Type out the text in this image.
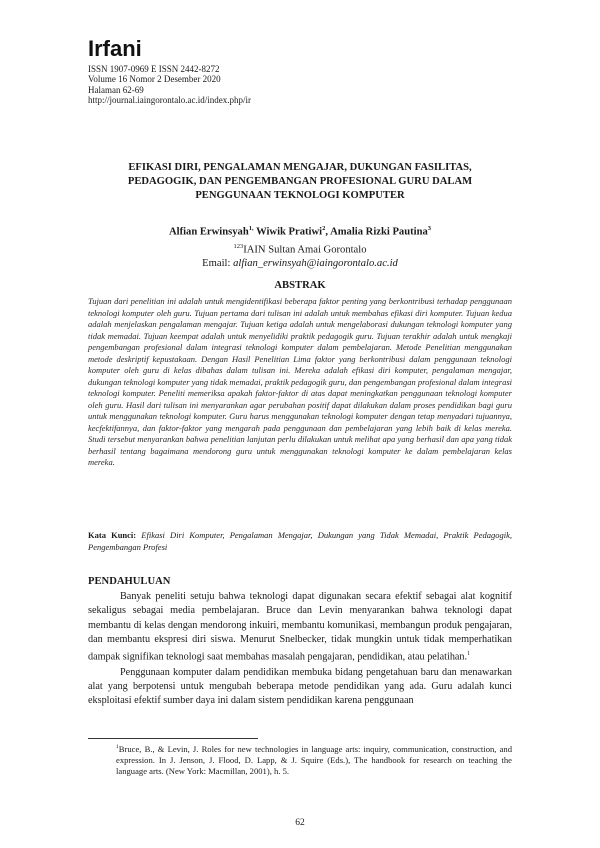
Irfani
ISSN 1907-0969 E ISSN 2442-8272
Volume 16 Nomor 2 Desember 2020
Halaman 62-69
http://journal.iaingorontalo.ac.id/index.php/ir
EFIKASI DIRI, PENGALAMAN MENGAJAR, DUKUNGAN FASILITAS,
PEDAGOGIK, DAN PENGEMBANGAN PROFESIONAL GURU DALAM
PENGGUNAAN TEKNOLOGI KOMPUTER
Alfian Erwinsyah$^{1,}$ Wiwik Pratiwi$^2$, Amalia Rizki Pautina$^3$
$^{123}$IAIN Sultan Amai Gorontalo
Email: alfian_erwinsyah@iaingorontalo.ac.id
ABSTRAK
Tujuan dari penelitian ini adalah untuk mengidentifikasi beberapa faktor penting yang berkontribusi terhadap penggunaan teknologi komputer oleh guru. Tujuan pertama dari tulisan ini adalah untuk membahas efikasi diri komputer. Tujuan kedua adalah menjelaskan pengalaman mengajar. Tujuan ketiga adalah untuk mengelaborasi dukungan teknologi komputer yang tidak memadai. Tujuan keempat adalah untuk menyelidiki praktik pedagogik guru. Tujuan terakhir adalah untuk mengkaji pengembangan profesional dalam integrasi teknologi komputer dalam pembelajaran. Metode Penelitian menggunakan metode deskriptif kepustakaan. Dengan Hasil Penelitian Lima faktor yang berkontribusi dalam penggunaan teknologi komputer oleh guru di kelas dibahas dalam tulisan ini. Mereka adalah efikasi diri komputer, pengalaman mengajar, dukungan teknologi komputer yang tidak memadai, praktik pedagogik guru, dan pengembangan profesional dalam integrasi teknologi komputer. Peneliti memeriksa apakah faktor-faktor di atas dapat meningkatkan penggunaan teknologi komputer oleh guru. Hasil dari tulisan ini menyarankan agar perubahan positif dapat dilakukan dalam proses pendidikan bagi guru untuk menggunakan teknologi komputer. Guru harus menggunakan teknologi komputer dengan tetap menyadari tujuannya, kecfektifannya, dan faktor-faktor yang mengarah pada penggunaan dan pembelajaran yang lebih baik di kelas mereka. Studi tersebut menyarankan bahwa penelitian lanjutan perlu dilakukan untuk melihat apa yang berhasil dan apa yang tidak berhasil tentang bagaimana mendorong guru untuk menggunakan teknologi komputer ke dalam pembelajaran kelas mereka.
Kata Kunci: Efikasi Diri Komputer, Pengalaman Mengajar, Dukungan yang Tidak Memadai, Praktik Pedagogik, Pengembangan Profesi
PENDAHULUAN

Banyak peneliti setuju bahwa teknologi dapat digunakan secara efektif sebagai alat kognitif sekaligus sebagai media pembelajaran. Bruce dan Levin menyarankan bahwa teknologi dapat membantu di kelas dengan mendorong inkuiri, membantu komunikasi, membangun produk pengajaran, dan membantu ekspresi diri siswa. Menurut Snelbecker, tidak mungkin untuk tidak memperhatikan dampak signifikan teknologi saat membahas masalah pengajaran, pendidikan, atau pelatihan.$^1$

Penggunaan komputer dalam pendidikan membuka bidang pengetahuan baru dan menawarkan alat yang berpotensi untuk mengubah beberapa metode pendidikan yang ada. Guru adalah kunci eksploitasi efektif sumber daya ini dalam sistem pendidikan karena penggunaan

$^1$Bruce, B., & Levin, J. Roles for new technologies in language arts: inquiry, communication, construction, and expression. In J. Jenson, J. Flood, D. Lapp, & J. Squire (Eds.), The handbook for research on teaching the language arts. (New York: Macmillan, 2001), h. 5.
62
